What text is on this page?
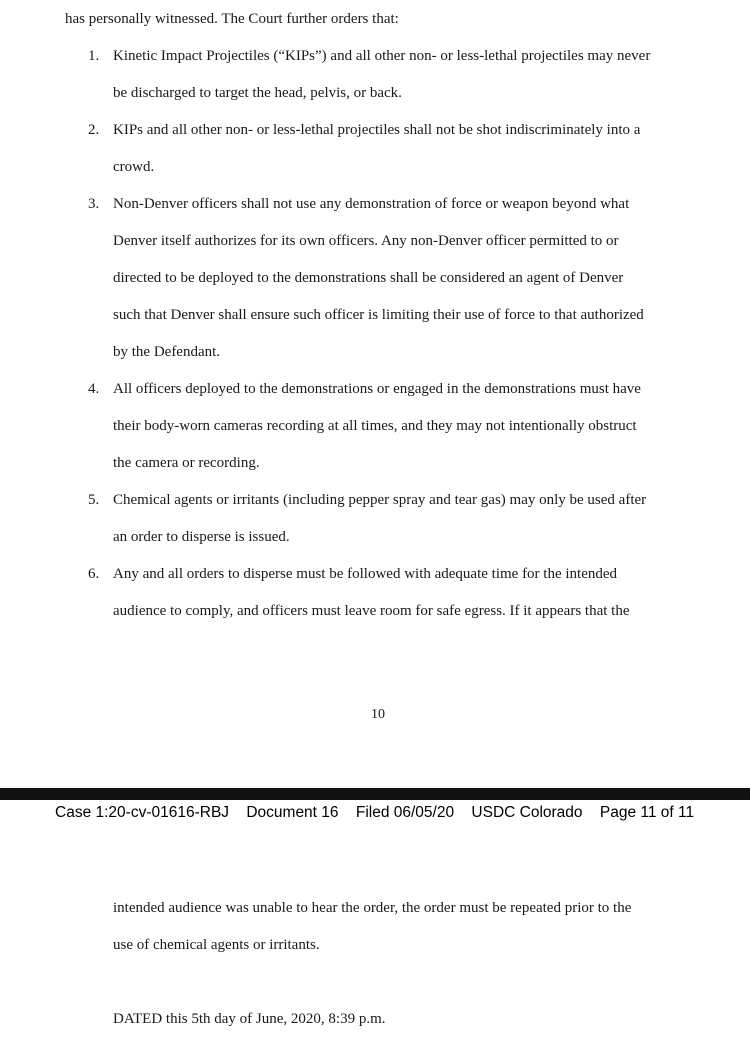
has personally witnessed. The Court further orders that:
1. Kinetic Impact Projectiles (“KIPs”) and all other non- or less-lethal projectiles may never
be discharged to target the head, pelvis, or back.
2. KIPs and all other non- or less-lethal projectiles shall not be shot indiscriminately into a
crowd.
3. Non-Denver officers shall not use any demonstration of force or weapon beyond what
Denver itself authorizes for its own officers. Any non-Denver officer permitted to or
directed to be deployed to the demonstrations shall be considered an agent of Denver
such that Denver shall ensure such officer is limiting their use of force to that authorized
by the Defendant.
4. All officers deployed to the demonstrations or engaged in the demonstrations must have
their body-worn cameras recording at all times, and they may not intentionally obstruct
the camera or recording.
5. Chemical agents or irritants (including pepper spray and tear gas) may only be used after
an order to disperse is issued.
6. Any and all orders to disperse must be followed with adequate time for the intended
audience to comply, and officers must leave room for safe egress. If it appears that the
10
Case 1:20-cv-01616-RBJ Document 16 Filed 06/05/20 USDC Colorado Page 11 of 11
intended audience was unable to hear the order, the order must be repeated prior to the
use of chemical agents or irritants.
DATED this 5th day of June, 2020, 8:39 p.m.
